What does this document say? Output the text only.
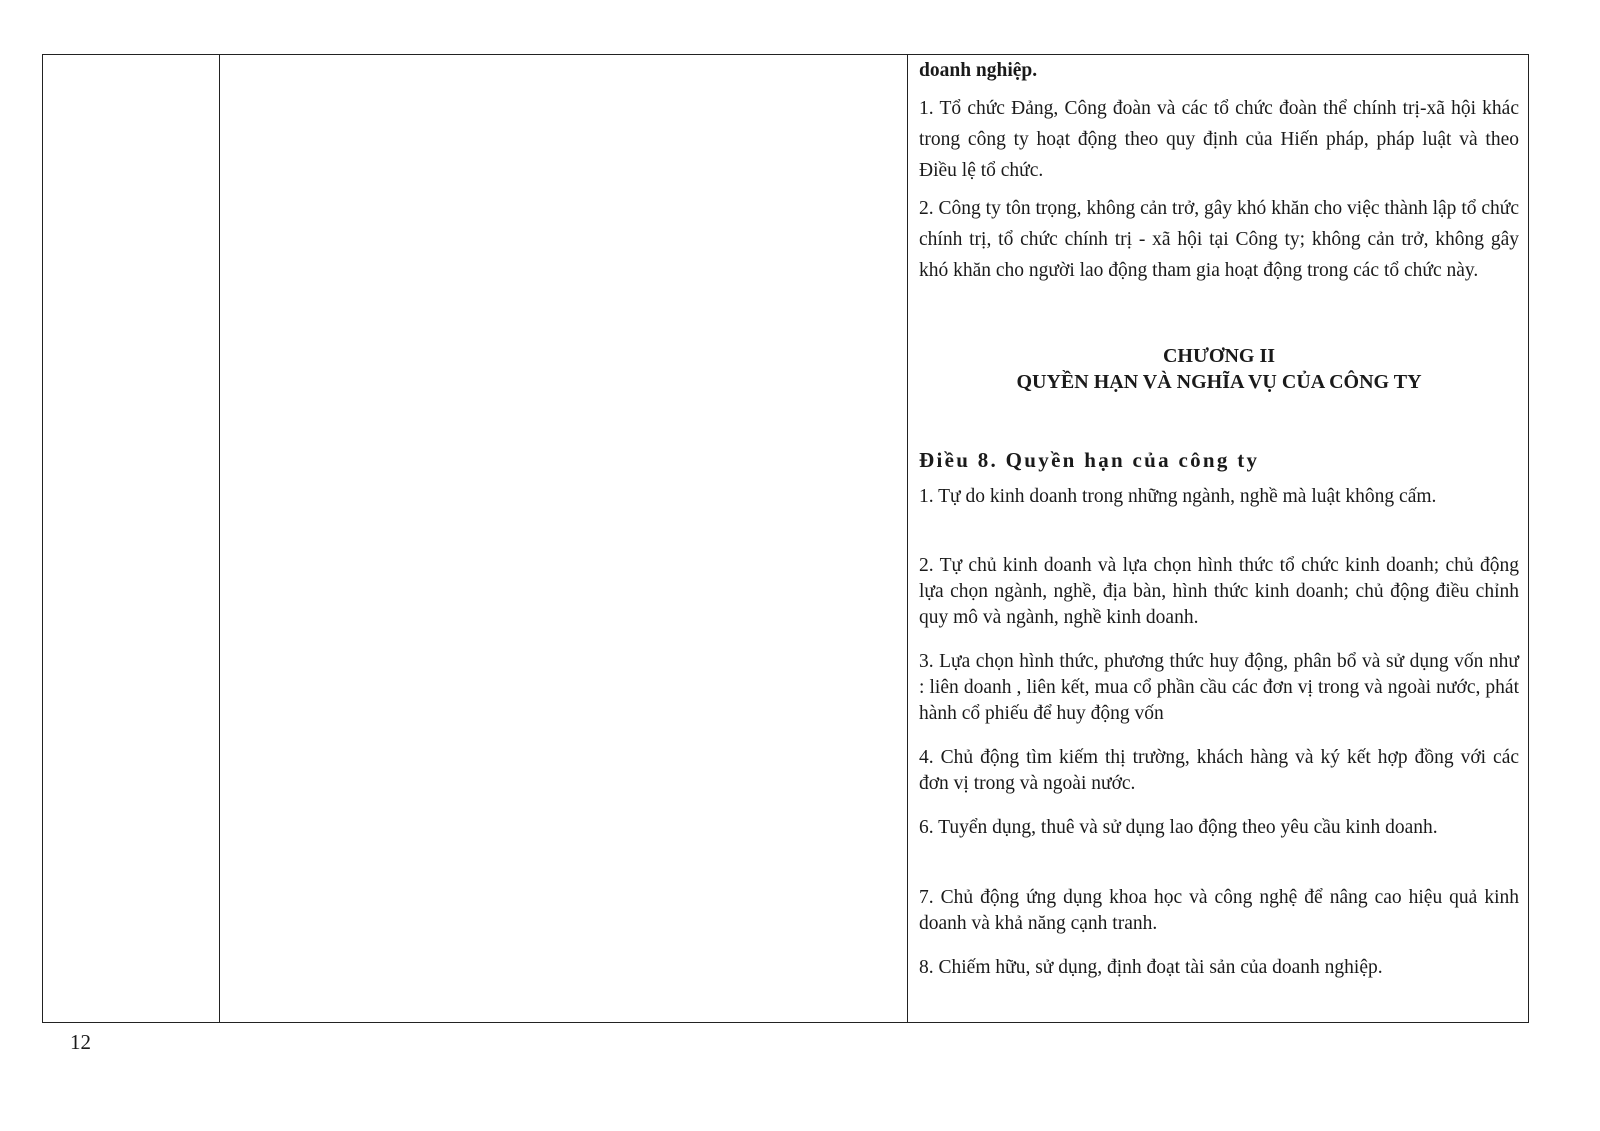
doanh nghiệp.

1. Tổ chức Đảng, Công đoàn và các tổ chức đoàn thể chính trị-xã hội khác trong công ty hoạt động theo quy định của Hiến pháp, pháp luật và theo Điều lệ tổ chức.

2. Công ty tôn trọng, không cản trở, gây khó khăn cho việc thành lập tổ chức chính trị, tổ chức chính trị - xã hội tại Công ty; không cản trở, không gây khó khăn cho người lao động tham gia hoạt động trong các tổ chức này.

CHƯƠNG II

QUYỀN HẠN VÀ NGHĨA VỤ CỦA CÔNG TY

Điều 8. Quyền hạn của công ty

1. Tự do kinh doanh trong những ngành, nghề mà luật không cấm.

2. Tự chủ kinh doanh và lựa chọn hình thức tổ chức kinh doanh; chủ động lựa chọn ngành, nghề, địa bàn, hình thức kinh doanh; chủ động điều chỉnh quy mô và ngành, nghề kinh doanh.

3. Lựa chọn hình thức, phương thức huy động, phân bổ và sử dụng vốn như : liên doanh , liên kết, mua cổ phần cầu các đơn vị trong và ngoài nước, phát hành cổ phiếu để huy động vốn

4. Chủ động tìm kiếm thị trường, khách hàng và ký kết hợp đồng với các đơn vị trong và ngoài nước.

6. Tuyển dụng, thuê và sử dụng lao động theo yêu cầu kinh doanh.

7. Chủ động ứng dụng khoa học và công nghệ để nâng cao hiệu quả kinh doanh và khả năng cạnh tranh.

8. Chiếm hữu, sử dụng, định đoạt tài sản của doanh nghiệp.

12
